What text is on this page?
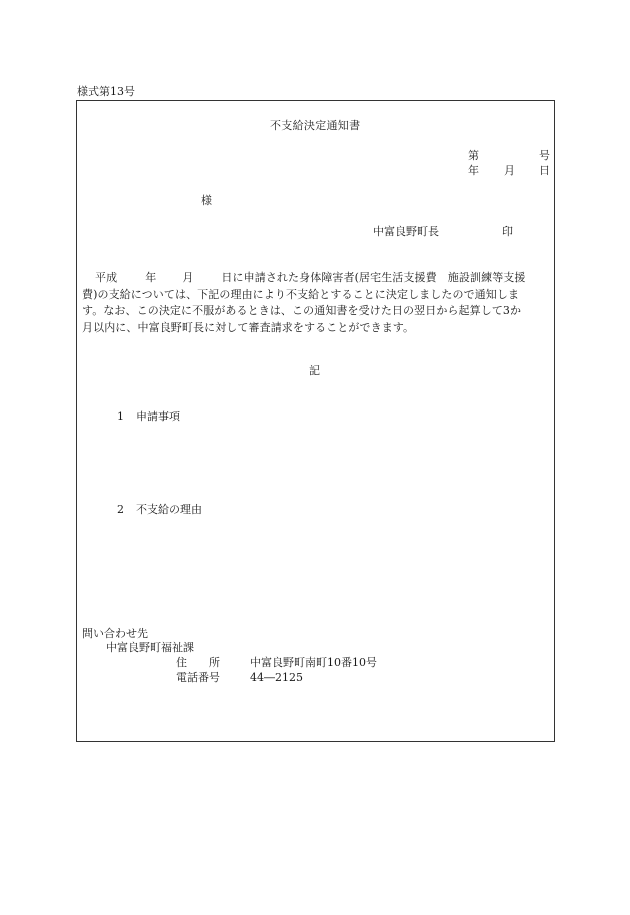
様式第13号
不支給決定通知書
第	号
年 月 日
様
中富良野町長	印
平成	年 月	日に申請された身体障害者(居宅生活支援費　施設訓練等支援
費)の支給については、下記の理由により不支給とすることに決定しましたので通知しま
す。なお、この決定に不服があるときは、この通知書を受けた日の翌日から起算して3か
月以内に、中富良野町長に対して審査請求をすることができます。
記
1 申請事項
2 不支給の理由
問い合わせ先
中富良野町福祉課
住　　所	中富良野町南町10番10号
電話番号	44―2125
